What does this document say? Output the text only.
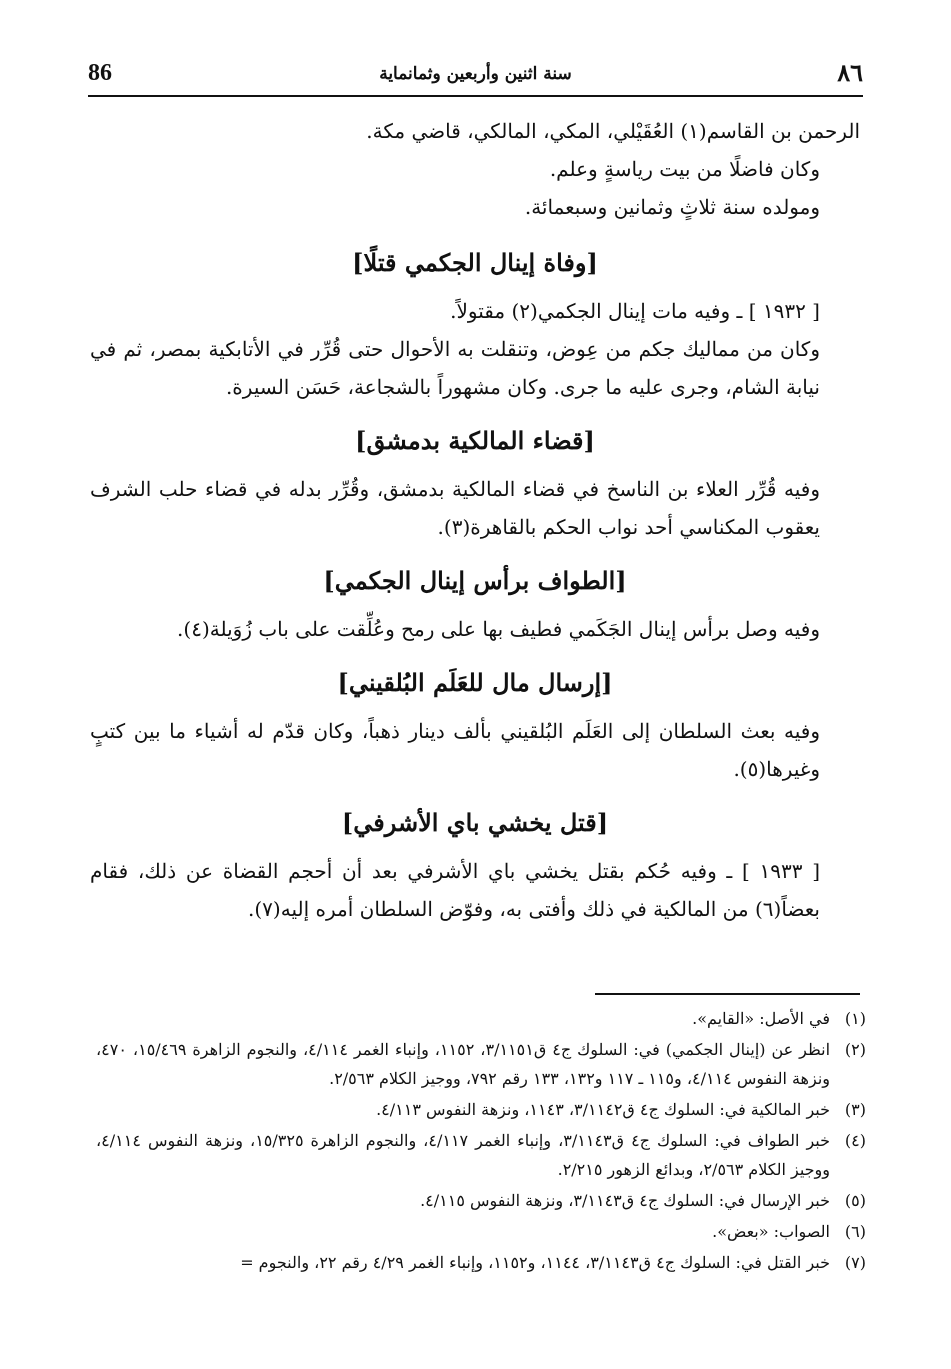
86	سنة اثنين وأربعين وثمانماية	٨٦

الرحمن بن القاسم(١) العُقَيْلي، المكي، المالكي، قاضي مكة.

وكان فاضلًا من بيت رياسةٍ وعلم.

ومولده سنة ثلاثٍ وثمانين وسبعمائة.

[وفاة إينال الجكمي قتلًا]

[ ١٩٣٢ ] ـ وفيه مات إينال الجكمي(٢) مقتولاً.

وكان من مماليك جكم من عِوض، وتنقلت به الأحوال حتى قُرِّر في الأتابكية بمصر، ثم في نيابة الشام، وجرى عليه ما جرى. وكان مشهوراً بالشجاعة، حَسَن السيرة.

[قضاء المالكية بدمشق]

وفيه قُرِّر العلاء بن الناسخ في قضاء المالكية بدمشق، وقُرِّر بدله في قضاء حلب الشرف يعقوب المكناسي أحد نواب الحكم بالقاهرة(٣).

[الطواف برأس إينال الجكمي]

وفيه وصل برأس إينال الجَكَمي فطيف بها على رمح وعُلِّقت على باب زُوَيلة(٤).

[إرسال مال للعَلَم البُلقيني]

وفيه بعث السلطان إلى العَلَم البُلقيني بألف دينار ذهباً، وكان قدّم له أشياء ما بين كتبٍ وغيرها(٥).

[قتل يخشي باي الأشرفي]

[ ١٩٣٣ ] ـ وفيه حُكم بقتل يخشي باي الأشرفي بعد أن أحجم القضاة عن ذلك، فقام بعضاً(٦) من المالكية في ذلك وأفتى به، وفوّض السلطان أمره إليه(٧).

(١)
في الأصل: «القايم».
(٢)
انظر عن (إينال الجكمي) في: السلوك ج٤ ق٣/١١٥١، ١١٥٢، وإنباء الغمر ٤/١١٤، والنجوم الزاهرة ١٥/٤٦٩، ٤٧٠، ونزهة النفوس ٤/١١٤، و١١٥ ـ ١١٧ و١٣٢، ١٣٣ رقم ٧٩٢، ووجيز الكلام ٢/٥٦٣.
(٣)
خبر المالكية في: السلوك ج٤ ق٣/١١٤٢، ١١٤٣، ونزهة النفوس ٤/١١٣.
(٤)
خبر الطواف في: السلوك ج٤ ق٣/١١٤٣، وإنباء الغمر ٤/١١٧، والنجوم الزاهرة ١٥/٣٢٥، ونزهة النفوس ٤/١١٤، ووجيز الكلام ٢/٥٦٣، وبدائع الزهور ٢/٢١٥.
(٥)
خبر الإرسال في: السلوك ج٤ ق٣/١١٤٣، ونزهة النفوس ٤/١١٥.
(٦)
الصواب: «بعض».
(٧)
خبر القتل في: السلوك ج٤ ق٣/١١٤٣، ١١٤٤، و١١٥٢، وإنباء الغمر ٤/٢٩ رقم ٢٢، والنجوم =
